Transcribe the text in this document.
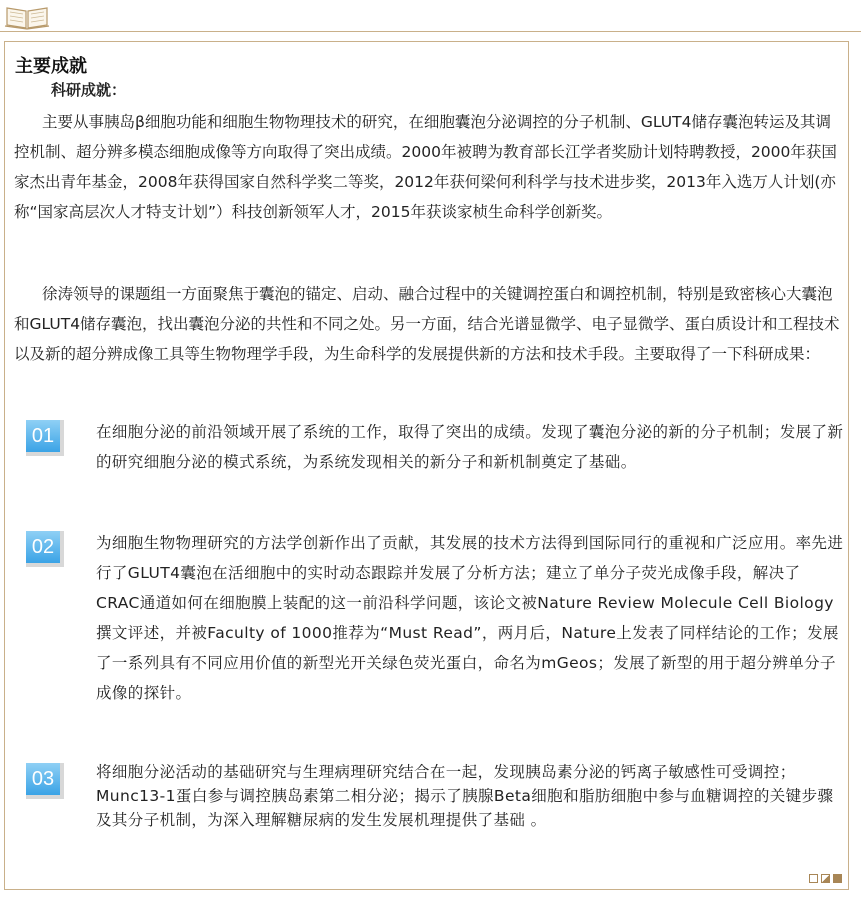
主要成就
科研成就：

主要从事胰岛β细胞功能和细胞生物物理技术的研究，在细胞囊泡分泌调控的分子机制、GLUT4储存囊泡转运及其调控机制、超分辨多模态细胞成像等方向取得了突出成绩。2000年被聘为教育部长江学者奖励计划特聘教授，2000年获国家杰出青年基金，2008年获得国家自然科学奖二等奖，2012年获何梁何利科学与技术进步奖，2013年入选万人计划(亦称“国家高层次人才特支计划”）科技创新领军人才，2015年获谈家桢生命科学创新奖。

徐涛领导的课题组一方面聚焦于囊泡的锚定、启动、融合过程中的关键调控蛋白和调控机制，特别是致密核心大囊泡和GLUT4储存囊泡，找出囊泡分泌的共性和不同之处。另一方面，结合光谱显微学、电子显微学、蛋白质设计和工程技术以及新的超分辨成像工具等生物物理学手段，为生命科学的发展提供新的方法和技术手段。主要取得了一下科研成果：

01	在细胞分泌的前沿领域开展了系统的工作，取得了突出的成绩。发现了囊泡分泌的新的分子机制；发展了新的研究细胞分泌的模式系统，为系统发现相关的新分子和新机制奠定了基础。

02	为细胞生物物理研究的方法学创新作出了贡献，其发展的技术方法得到国际同行的重视和广泛应用。率先进行了GLUT4囊泡在活细胞中的实时动态跟踪并发展了分析方法；建立了单分子荧光成像手段，解决了CRAC通道如何在细胞膜上装配的这一前沿科学问题，该论文被Nature Review Molecule Cell Biology 撰文评述，并被Faculty of 1000推荐为“Must Read”，两月后，Nature上发表了同样结论的工作；发展了一系列具有不同应用价值的新型光开关绿色荧光蛋白，命名为mGeos；发展了新型的用于超分辨单分子成像的探针。

03	将细胞分泌活动的基础研究与生理病理研究结合在一起，发现胰岛素分泌的钙离子敏感性可受调控；Munc13-1蛋白参与调控胰岛素第二相分泌；揭示了胰腺Beta细胞和脂肪细胞中参与血糖调控的关键步骤及其分子机制，为深入理解糖尿病的发生发展机理提供了基础 。
